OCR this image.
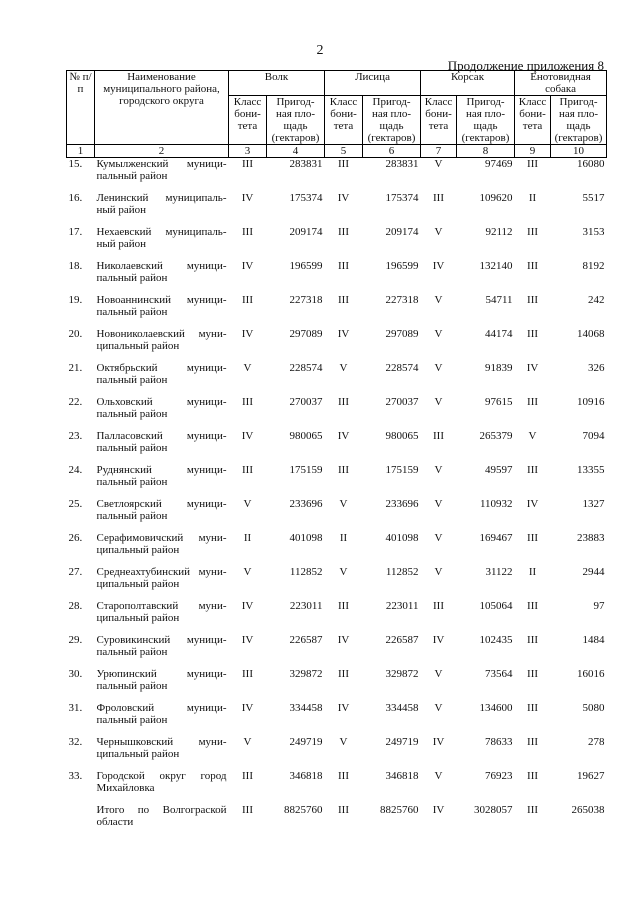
2
Продолжение приложения 8
№ п/п	Наименование муниципального района, городского округа	Волк		Лисица		Корсак		Енотовидная собака	
		Класс бони- тета	Пригод- ная пло- щадь (гектаров)	Класс бони- тета	Пригод- ная пло- щадь (гектаров)	Класс бони- тета	Пригод- ная пло- щадь (гектаров)	Класс бони- тета	Пригод- ная пло- щадь (гектаров)
1	2	3	4	5	6	7	8	9	10
15.	Кумылженский муници- пальный район	III	283831	III	283831	V	97469	III	16080
16.	Ленинский муниципаль- ный район	IV	175374	IV	175374	III	109620	II	5517
17.	Нехаевский муниципаль- ный район	III	209174	III	209174	V	92112	III	3153
18.	Николаевский муници- пальный район	IV	196599	III	196599	IV	132140	III	8192
19.	Новоаннинский муници- пальный район	III	227318	III	227318	V	54711	III	242
20.	Новониколаевский муни- ципальный район	IV	297089	IV	297089	V	44174	III	14068
21.	Октябрьский муници- пальный район	V	228574	V	228574	V	91839	IV	326
22.	Ольховский муници- пальный район	III	270037	III	270037	V	97615	III	10916
23.	Палласовский муници- пальный район	IV	980065	IV	980065	III	265379	V	7094
24.	Руднянский муници- пальный район	III	175159	III	175159	V	49597	III	13355
25.	Светлоярский муници- пальный район	V	233696	V	233696	V	110932	IV	1327
26.	Серафимовичский муни- ципальный район	II	401098	II	401098	V	169467	III	23883
27.	Среднеахтубинский муни- ципальный район	V	112852	V	112852	V	31122	II	2944
28.	Старополтавский муни- ципальный район	IV	223011	III	223011	III	105064	III	97
29.	Суровикинский муници- пальный район	IV	226587	IV	226587	IV	102435	III	1484
30.	Урюпинский муници- пальный район	III	329872	III	329872	V	73564	III	16016
31.	Фроловский муници- пальный район	IV	334458	IV	334458	V	134600	III	5080
32.	Чернышковский муни- ципальный район	V	249719	V	249719	IV	78633	III	278
33.	Городской округ город Михайловка	III	346818	III	346818	V	76923	III	19627
	Итого по Волгограской области	III	8825760	III	8825760	IV	3028057	III	265038
